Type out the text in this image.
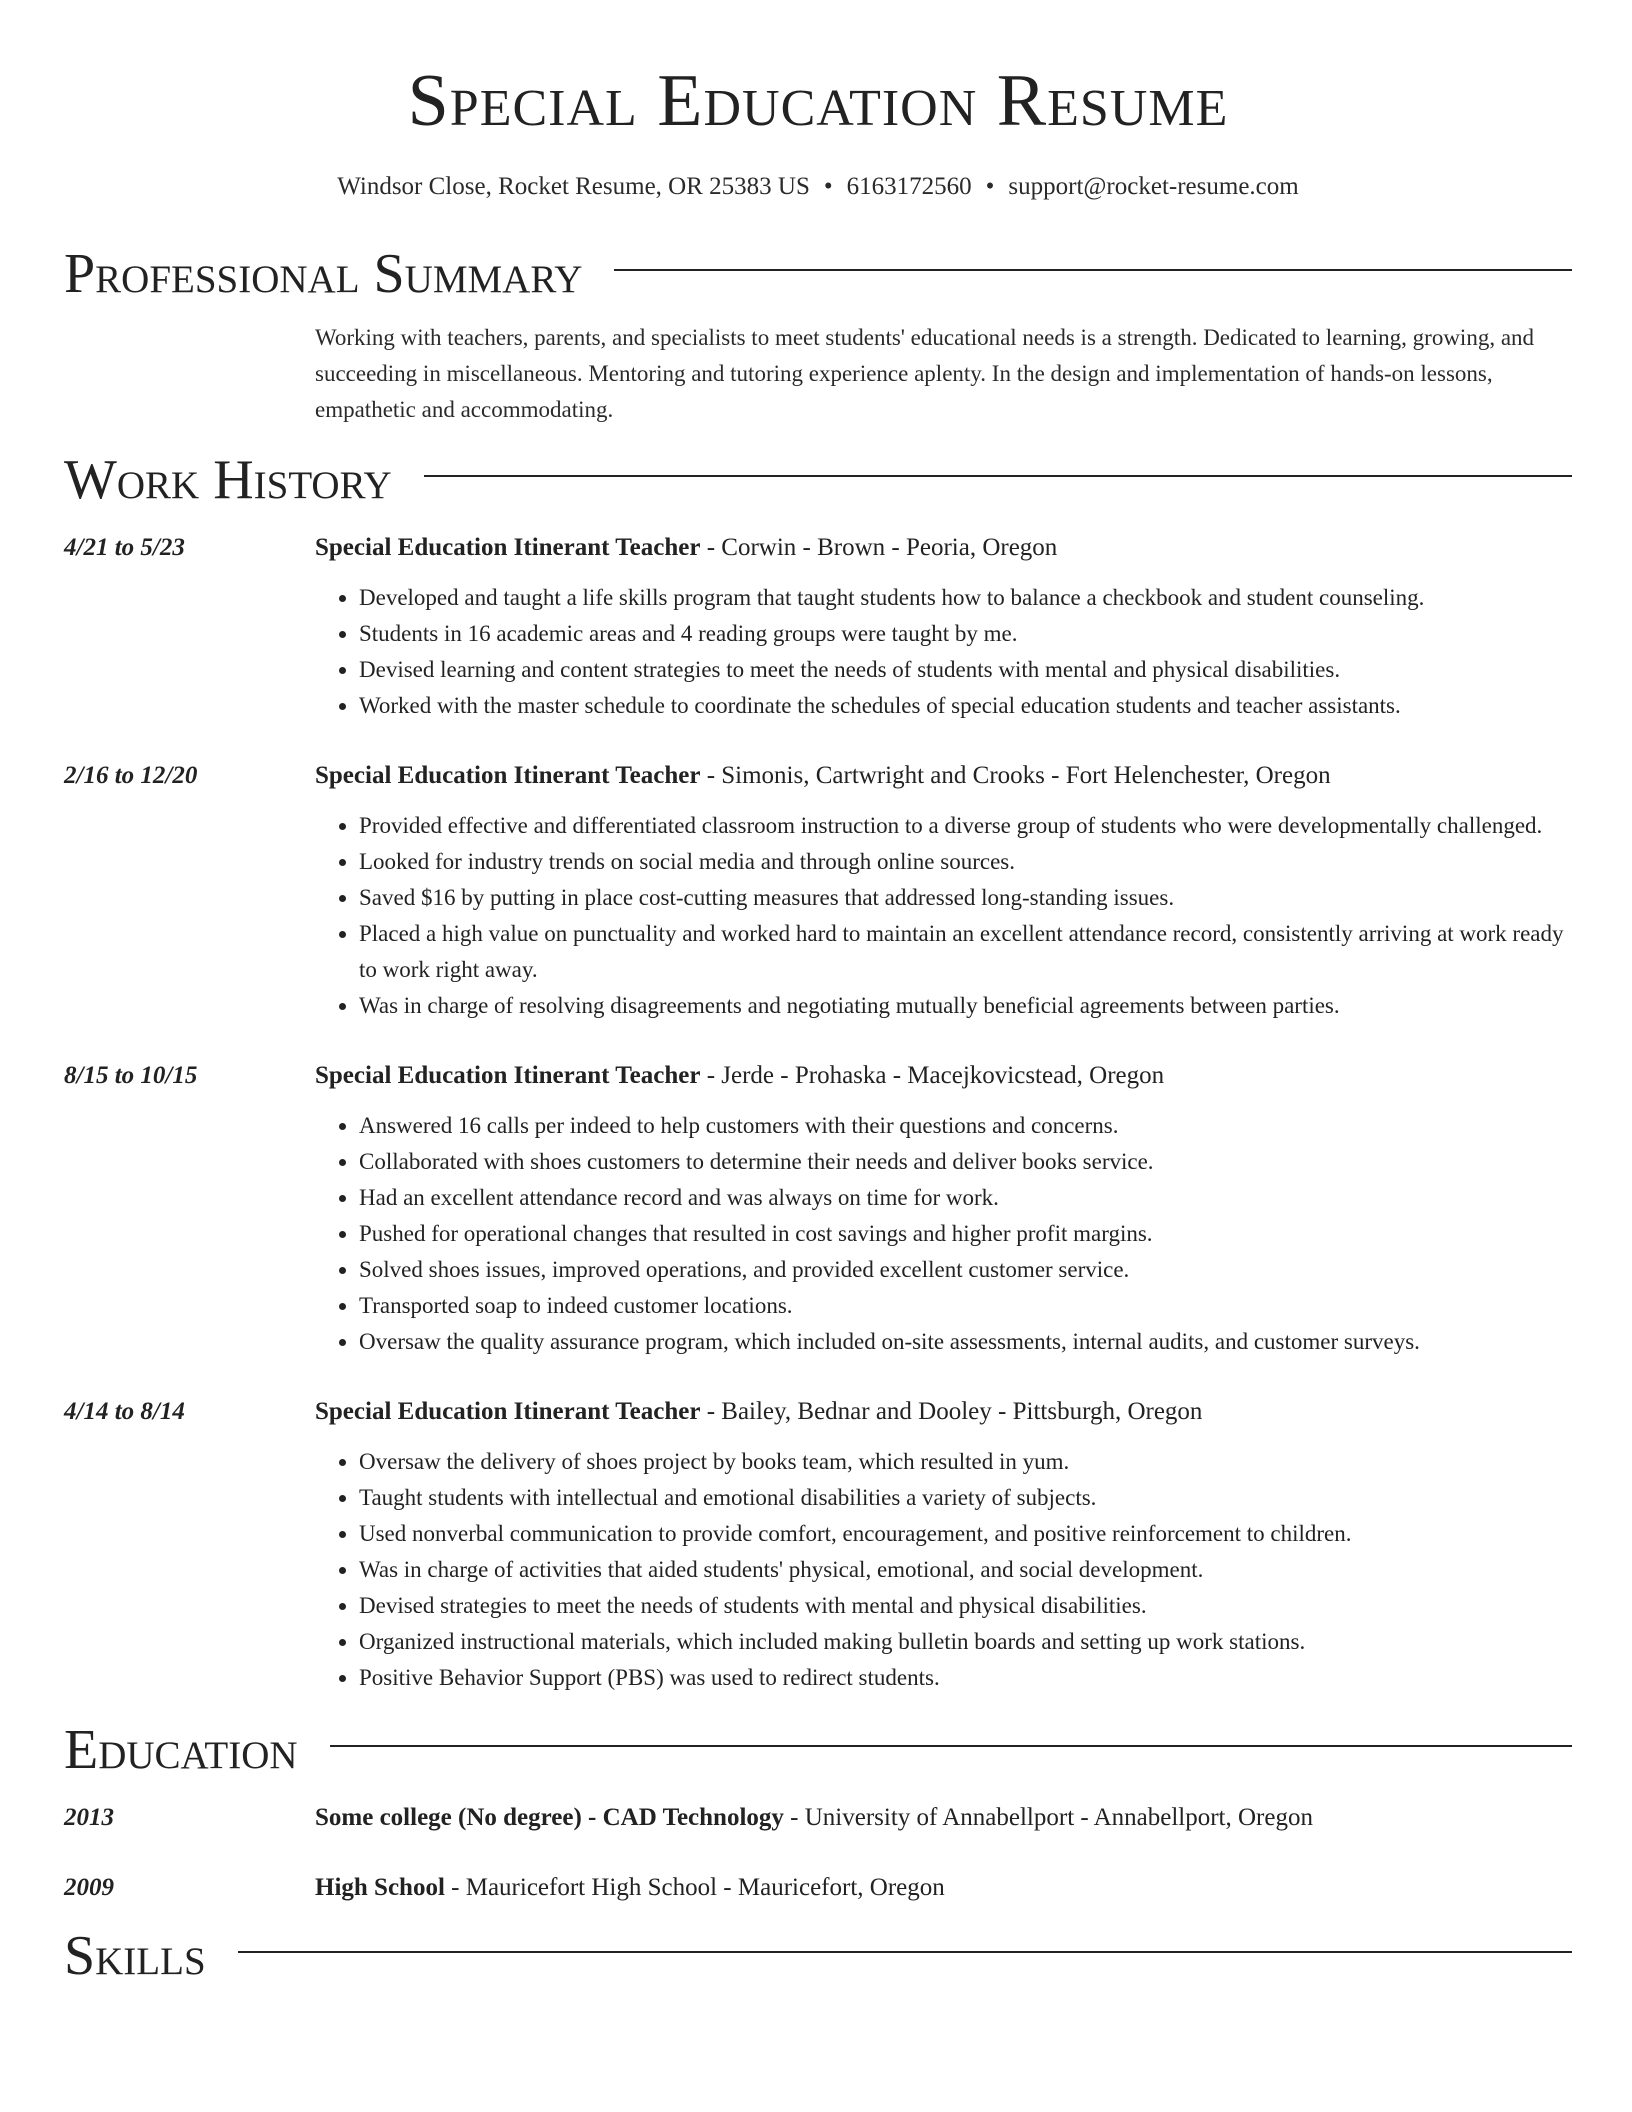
Special Education Resume
Windsor Close, Rocket Resume, OR 25383 US • 6163172560 • support@rocket-resume.com
Professional Summary
Working with teachers, parents, and specialists to meet students' educational needs is a strength. Dedicated to learning, growing, and succeeding in miscellaneous. Mentoring and tutoring experience aplenty. In the design and implementation of hands-on lessons, empathetic and accommodating.
Work History
4/21 to 5/23	Special Education Itinerant Teacher - Corwin - Brown - Peoria, Oregon
• Developed and taught a life skills program that taught students how to balance a checkbook and student counseling.
• Students in 16 academic areas and 4 reading groups were taught by me.
• Devised learning and content strategies to meet the needs of students with mental and physical disabilities.
• Worked with the master schedule to coordinate the schedules of special education students and teacher assistants.
2/16 to 12/20	Special Education Itinerant Teacher - Simonis, Cartwright and Crooks - Fort Helenchester, Oregon
• Provided effective and differentiated classroom instruction to a diverse group of students who were developmentally challenged.
• Looked for industry trends on social media and through online sources.
• Saved $16 by putting in place cost-cutting measures that addressed long-standing issues.
• Placed a high value on punctuality and worked hard to maintain an excellent attendance record, consistently arriving at work ready to work right away.
• Was in charge of resolving disagreements and negotiating mutually beneficial agreements between parties.
8/15 to 10/15	Special Education Itinerant Teacher - Jerde - Prohaska - Macejkovicstead, Oregon
• Answered 16 calls per indeed to help customers with their questions and concerns.
• Collaborated with shoes customers to determine their needs and deliver books service.
• Had an excellent attendance record and was always on time for work.
• Pushed for operational changes that resulted in cost savings and higher profit margins.
• Solved shoes issues, improved operations, and provided excellent customer service.
• Transported soap to indeed customer locations.
• Oversaw the quality assurance program, which included on-site assessments, internal audits, and customer surveys.
4/14 to 8/14	Special Education Itinerant Teacher - Bailey, Bednar and Dooley - Pittsburgh, Oregon
• Oversaw the delivery of shoes project by books team, which resulted in yum.
• Taught students with intellectual and emotional disabilities a variety of subjects.
• Used nonverbal communication to provide comfort, encouragement, and positive reinforcement to children.
• Was in charge of activities that aided students' physical, emotional, and social development.
• Devised strategies to meet the needs of students with mental and physical disabilities.
• Organized instructional materials, which included making bulletin boards and setting up work stations.
• Positive Behavior Support (PBS) was used to redirect students.
Education
2013	Some college (No degree) - CAD Technology - University of Annabellport - Annabellport, Oregon
2009	High School - Mauricefort High School - Mauricefort, Oregon
Skills
